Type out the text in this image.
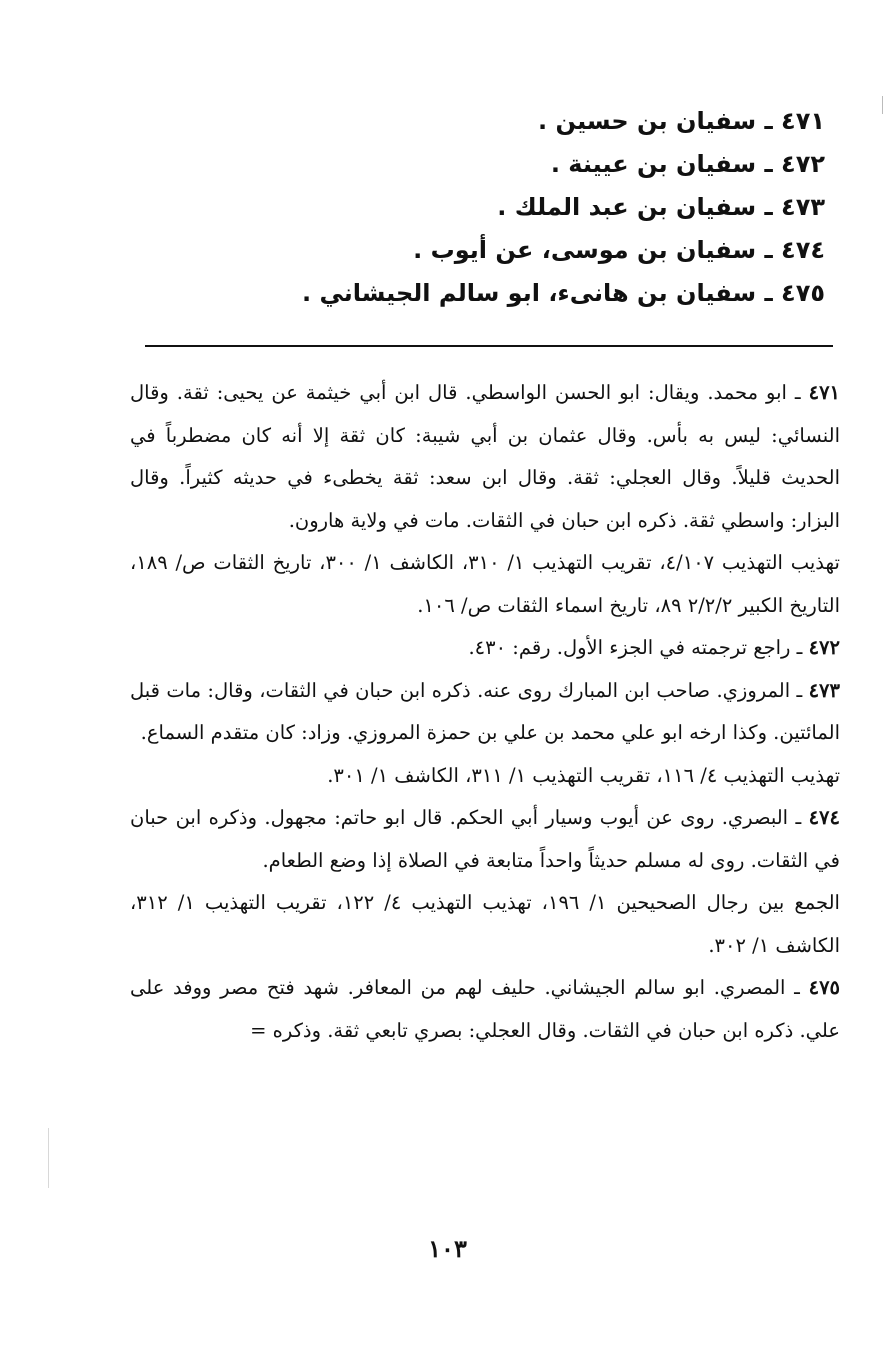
٤٧١ ـ سفيان بن حسين .
٤٧٢ ـ سفيان بن عيينة .
٤٧٣ ـ سفيان بن عبد الملك .
٤٧٤ ـ سفيان بن موسى، عن أيوب .
٤٧٥ ـ سفيان بن هانىء، ابو سالم الجيشاني .

٤٧١ ـ ابو محمد. ويقال: ابو الحسن الواسطي. قال ابن أبي خيثمة عن يحيى: ثقة. وقال النسائي: ليس به بأس. وقال عثمان بن أبي شيبة: كان ثقة إلا أنه كان مضطرباً في الحديث قليلاً. وقال العجلي: ثقة. وقال ابن سعد: ثقة يخطىء في حديثه كثيراً. وقال البزار: واسطي ثقة. ذكره ابن حبان في الثقات. مات في ولاية هارون.

تهذيب التهذيب ٤/١٠٧، تقريب التهذيب ١/ ٣١٠، الكاشف ١/ ٣٠٠، تاريخ الثقات ص/ ١٨٩، التاريخ الكبير ٢/٢/٢ ٨٩، تاريخ اسماء الثقات ص/ ١٠٦.

٤٧٢ ـ راجع ترجمته في الجزء الأول. رقم: ٤٣٠.

٤٧٣ ـ المروزي. صاحب ابن المبارك روى عنه. ذكره ابن حبان في الثقات، وقال: مات قبل المائتين. وكذا ارخه ابو علي محمد بن علي بن حمزة المروزي. وزاد: كان متقدم السماع.

تهذيب التهذيب ٤/ ١١٦، تقريب التهذيب ١/ ٣١١، الكاشف ١/ ٣٠١.

٤٧٤ ـ البصري. روى عن أيوب وسيار أبي الحكم. قال ابو حاتم: مجهول. وذكره ابن حبان في الثقات. روى له مسلم حديثاً واحداً متابعة في الصلاة إذا وضع الطعام.

الجمع بين رجال الصحيحين ١/ ١٩٦، تهذيب التهذيب ٤/ ١٢٢، تقريب التهذيب ١/ ٣١٢، الكاشف ١/ ٣٠٢.

٤٧٥ ـ المصري. ابو سالم الجيشاني. حليف لهم من المعافر. شهد فتح مصر ووفد على علي. ذكره ابن حبان في الثقات. وقال العجلي: بصري تابعي ثقة. وذكره =

١٠٣
